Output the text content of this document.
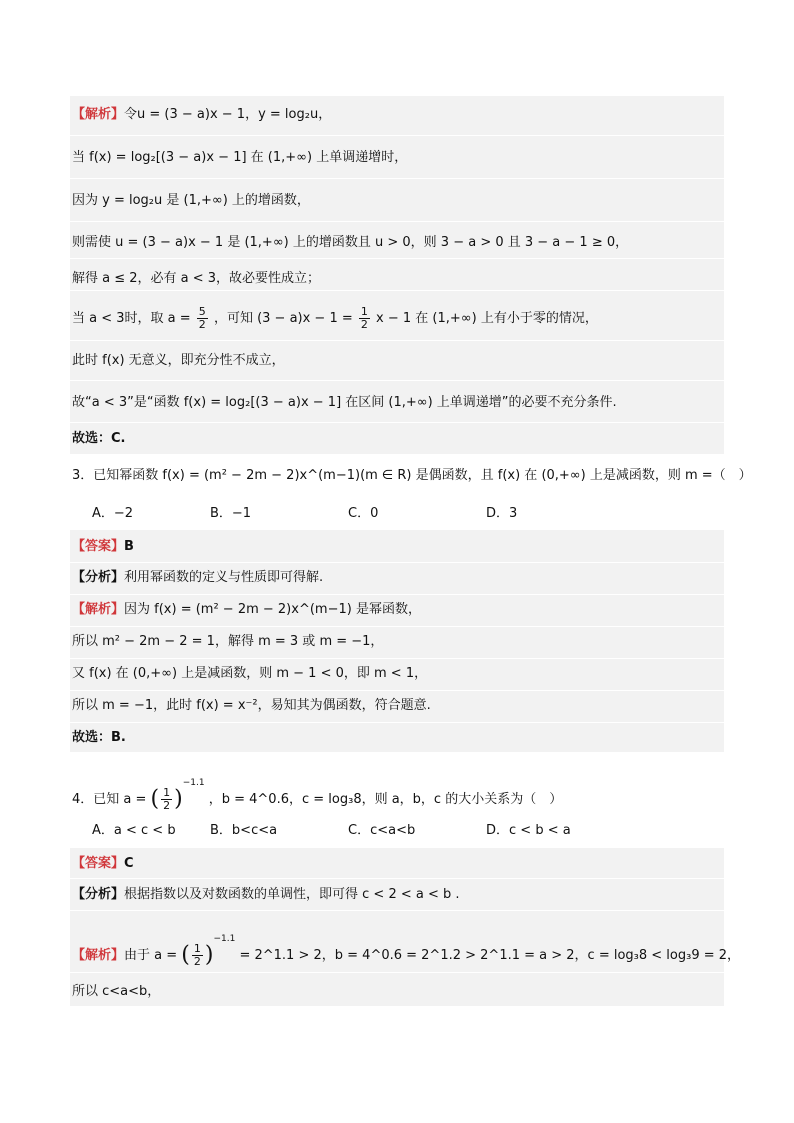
【解析】令u = (3 − a)x − 1，y = log₂u，
当 f(x) = log₂[(3 − a)x − 1] 在 (1,+∞) 上单调递增时，
因为 y = log₂u 是 (1,+∞) 上的增函数，
则需使 u = (3 − a)x − 1 是 (1,+∞) 上的增函数且 u > 0，则 3 − a > 0 且 3 − a − 1 ≥ 0，
解得 a ≤ 2，必有 a < 3，故必要性成立；
当 a < 3时，取 $a = \frac{5}{2}$ ，可知 $(3 - a)x - 1 = \frac{1}{2}$ x − 1 在 (1,+∞) 上有小于零的情况，
此时 f(x) 无意义，即充分性不成立，
故“a < 3”是“函数 f(x) = log₂[(3 − a)x − 1] 在区间 (1,+∞) 上单调递增”的必要不充分条件.
故选：C.
3．已知幂函数 f(x) = (m² − 2m − 2)x^(m−1)(m ∈ R) 是偶函数，且 f(x) 在 (0,+∞) 上是减函数，则 m =（　）
A．−2	B．−1	C．0	D．3
【答案】B
【分析】利用幂函数的定义与性质即可得解.
【解析】因为 f(x) = (m² − 2m − 2)x^(m−1) 是幂函数，
所以 m² − 2m − 2 = 1，解得 m = 3 或 m = −1，
又 f(x) 在 (0,+∞) 上是减函数，则 m − 1 < 0，即 m < 1，
所以 m = −1，此时 f(x) = x⁻²，易知其为偶函数，符合题意.
故选：B.
4．已知 a = ( $\frac{1}{2} )^{-1.1}$ ，b = 4^0.6，c = log₃8，则 a，b，c 的大小关系为（　）
A．a < c < b	B．b<c<a	C．c<a<b	D．c < b < a
【答案】C
【分析】根据指数以及对数函数的单调性，即可得 c < 2 < a < b .
【解析】由于 a = ( $\frac{1}{2} )^{-1.1}$ = 2^1.1 > 2，b = 4^0.6 = 2^1.2 > 2^1.1 = a > 2，c = log₃8 < log₃9 = 2，
所以 c<a<b，
